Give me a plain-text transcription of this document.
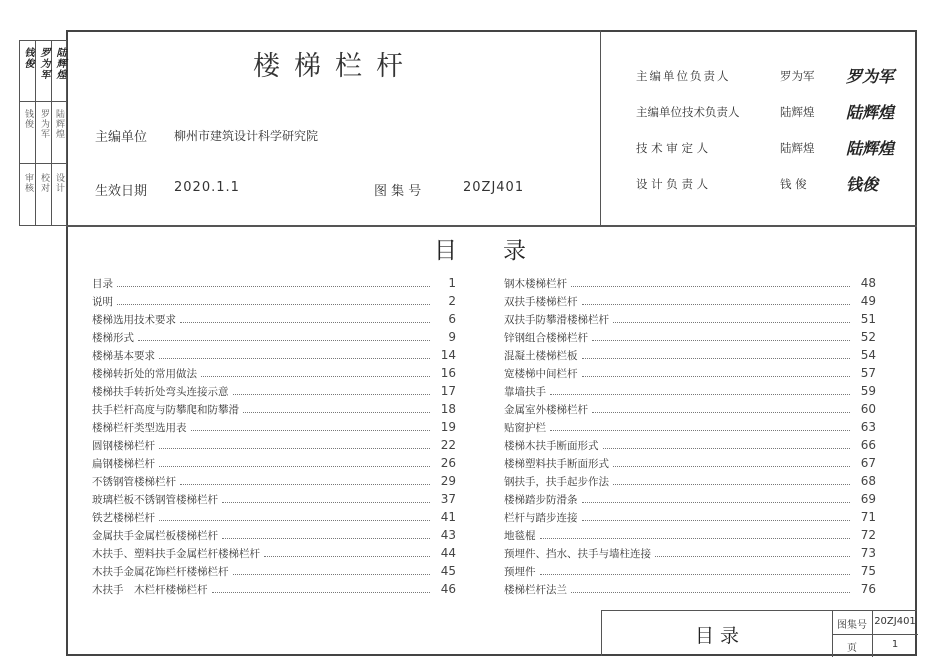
钱俊 罗为军 陆辉煌
钱俊 罗为军 陆辉煌
审核 校对 设计
楼梯栏杆
主编单位 柳州市建筑设计科学研究院
生效日期 2020.1.1	图 集 号	20ZJ401
主编单位负责人	罗为军 罗为军
主编单位技术负责人	陆辉煌 陆辉煌
技 术 审 定 人	陆辉煌 陆辉煌
设 计 负 责 人	钱 俊 钱俊
目　　录
目录	1
说明	2
楼梯选用技术要求	6
楼梯形式	9
楼梯基本要求	14
楼梯转折处的常用做法	16
楼梯扶手转折处弯头连接示意	17
扶手栏杆高度与防攀爬和防攀滑	18
楼梯栏杆类型选用表	19
圆钢楼梯栏杆	22
扁钢楼梯栏杆	26
不锈钢管楼梯栏杆	29
玻璃栏板不锈钢管楼梯栏杆	37
铁艺楼梯栏杆	41
金属扶手金属栏板楼梯栏杆	43
木扶手、塑料扶手金属栏杆楼梯栏杆	44
木扶手金属花饰栏杆楼梯栏杆	45
木扶手　木栏杆楼梯栏杆	46
钢木楼梯栏杆	48
双扶手楼梯栏杆	49
双扶手防攀滑楼梯栏杆	51
锌钢组合楼梯栏杆	52
混凝土楼梯栏板	54
宽楼梯中间栏杆	57
靠墙扶手	59
金属室外楼梯栏杆	60
贴窗护栏	63
楼梯木扶手断面形式	66
楼梯塑料扶手断面形式	67
钢扶手，扶手起步作法	68
楼梯踏步防滑条	69
栏杆与踏步连接	71
地毯棍	72
预埋件、挡水、扶手与墙柱连接	73
预埋件	75
楼梯栏杆法兰	76
目 录	图集号 20ZJ401
页	1
